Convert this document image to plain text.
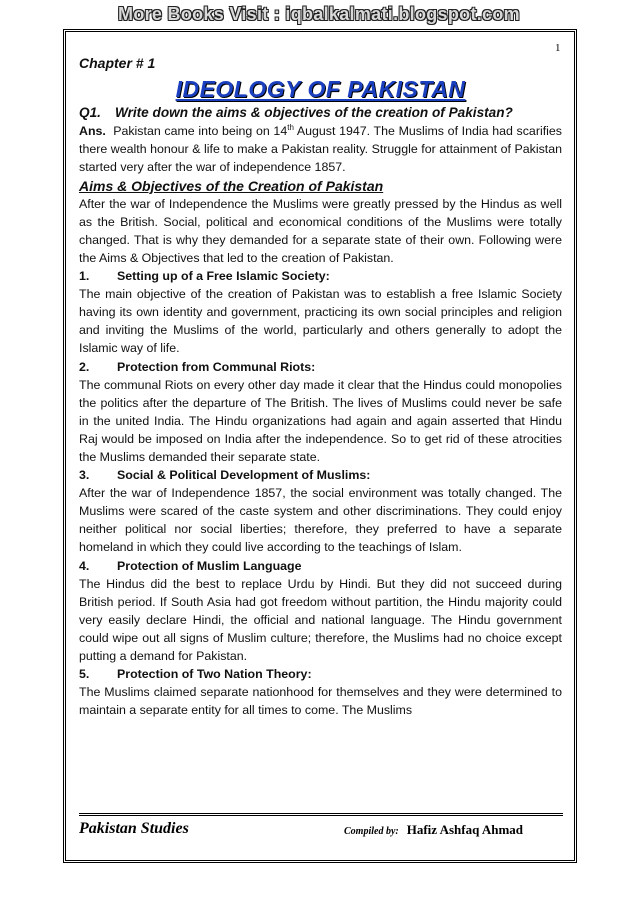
More Books Visit : iqbalkalmati.blogspot.com
1
Chapter # 1
IDEOLOGY OF PAKISTAN
Q1. Write down the aims & objectives of the creation of Pakistan?

Ans. Pakistan came into being on 14th August 1947. The Muslims of India had scarifies there wealth honour & life to make a Pakistan reality. Struggle for attainment of Pakistan started very after the war of independence 1857.

Aims & Objectives of the Creation of Pakistan

After the war of Independence the Muslims were greatly pressed by the Hindus as well as the British. Social, political and economical conditions of the Muslims were totally changed. That is why they demanded for a separate state of their own. Following were the Aims & Objectives that led to the creation of Pakistan.

1. Setting up of a Free Islamic Society:

The main objective of the creation of Pakistan was to establish a free Islamic Society having its own identity and government, practicing its own social principles and religion and inviting the Muslims of the world, particularly and others generally to adopt the Islamic way of life.

2. Protection from Communal Riots:

The communal Riots on every other day made it clear that the Hindus could monopolies the politics after the departure of The British. The lives of Muslims could never be safe in the united India. The Hindu organizations had again and again asserted that Hindu Raj would be imposed on India after the independence. So to get rid of these atrocities the Muslims demanded their separate state.

3. Social & Political Development of Muslims:

After the war of Independence 1857, the social environment was totally changed. The Muslims were scared of the caste system and other discriminations. They could enjoy neither political nor social liberties; therefore, they preferred to have a separate homeland in which they could live according to the teachings of Islam.

4. Protection of Muslim Language

The Hindus did the best to replace Urdu by Hindi. But they did not succeed during British period. If South Asia had got freedom without partition, the Hindu majority could very easily declare Hindi, the official and national language. The Hindu government could wipe out all signs of Muslim culture; therefore, the Muslims had no choice except putting a demand for Pakistan.

5. Protection of Two Nation Theory:

The Muslims claimed separate nationhood for themselves and they were determined to maintain a separate entity for all times to come. The Muslims

Pakistan Studies	Compiled by: Hafiz Ashfaq Ahmad
